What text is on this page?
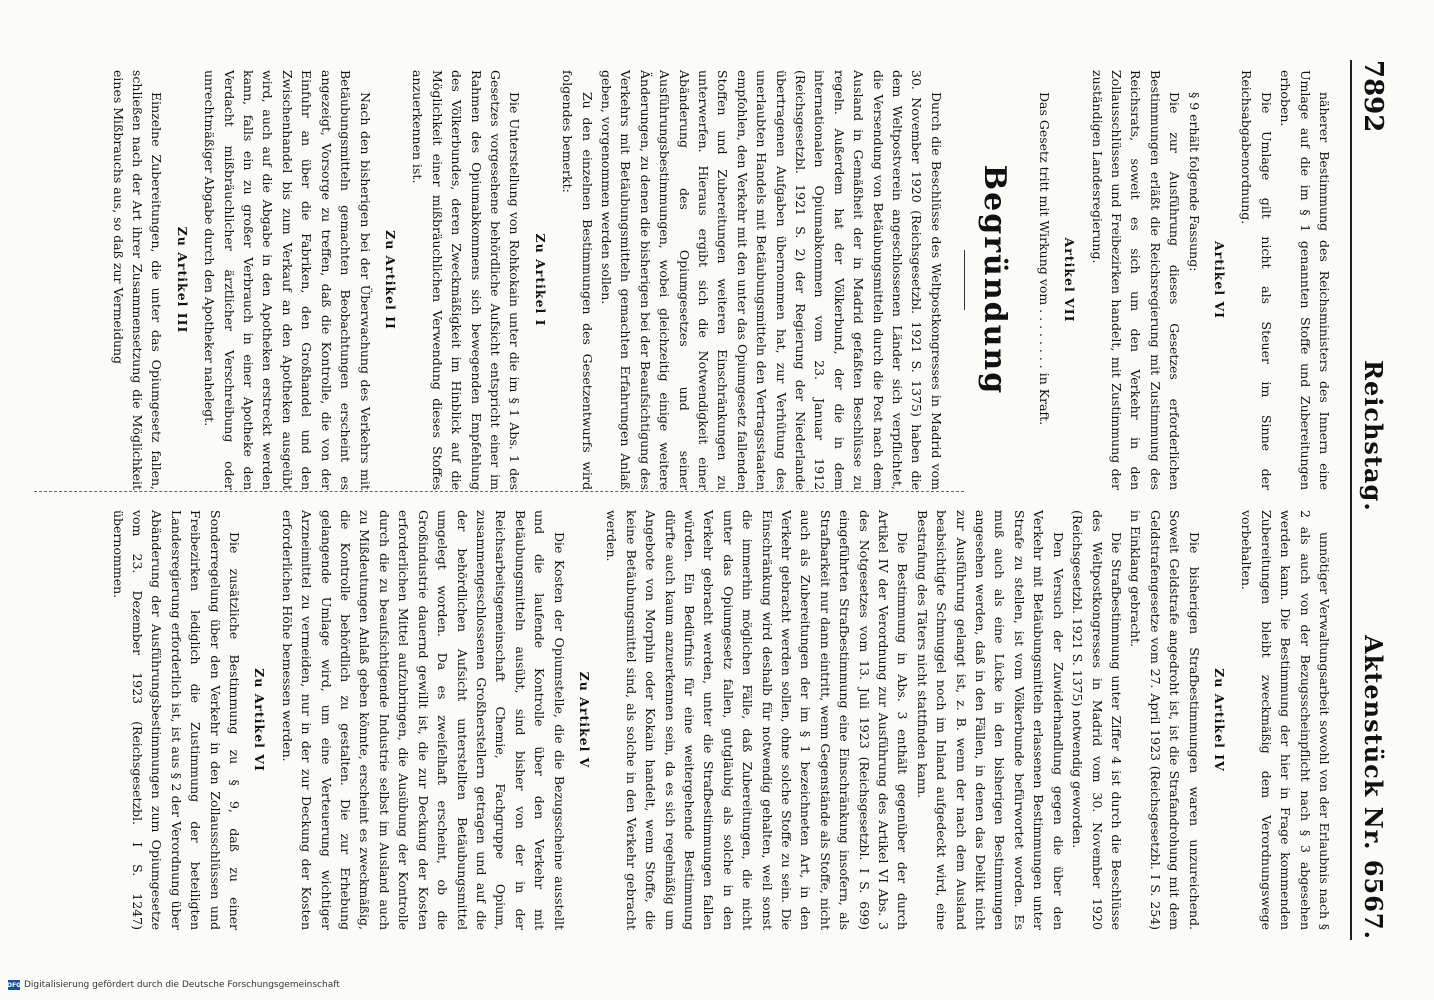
7892
Reichstag.
Aktenstück Nr. 6567.

näherer Bestimmung des Reichsministers des Innern eine Umlage auf die im § 1 genannten Stoffe und Zubereitungen erhoben.

Die Umlage gilt nicht als Steuer im Sinne der Reichsabgabenordnung.

Artikel VI

§ 9 erhält folgende Fassung:

Die zur Ausführung dieses Gesetzes erforderlichen Bestimmungen erläßt die Reichsregierung mit Zustimmung des Reichsrats, soweit es sich um den Verkehr in den Zollausschlüssen und Freibezirken handelt, mit Zustimmung der zuständigen Landesregierung.

Artikel VII

Das Gesetz tritt mit Wirkung vom . . . . . . . . in Kraft.

Begründung

Durch die Beschlüsse des Weltpostkongresses in Madrid vom 30. November 1920 (Reichsgesetzbl. 1921 S. 1375) haben die dem Weltpostverein angeschlossenen Länder sich verpflichtet, die Versendung von Betäubungsmitteln durch die Post nach dem Ausland in Gemäßheit der in Madrid gefaßten Beschlüsse zu regeln. Außerdem hat der Völkerbund, der die in dem internationalen Opiumabkommen vom 23. Januar 1912 (Reichsgesetzbl. 1921 S. 2) der Regierung der Niederlande übertragenen Aufgaben übernommen hat, zur Verhütung des unerlaubten Handels mit Betäubungsmitteln den Vertragsstaaten empfohlen, den Verkehr mit den unter das Opiumgesetz fallenden Stoffen und Zubereitungen weiteren Einschränkungen zu unterwerfen. Hieraus ergibt sich die Notwendigkeit einer Abänderung des Opiumgesetzes und seiner Ausführungsbestimmungen, wobei gleichzeitig einige weitere Änderungen, zu denen die bisherigen bei der Beaufsichtigung des Verkehrs mit Betäubungsmitteln gemachten Erfahrungen Anlaß geben, vorgenommen werden sollen.

Zu den einzelnen Bestimmungen des Gesetzentwurfs wird folgendes bemerkt:

Zu Artikel I

Die Unterstellung von Rohkokain unter die im § 1 Abs. 1 des Gesetzes vorgesehene behördliche Aufsicht entspricht einer im Rahmen des Opiumabkommens sich bewegenden Empfehlung des Völkerbundes, deren Zweckmäßigkeit im Hinblick auf die Möglichkeit einer mißbräuchlichen Verwendung dieses Stoffes anzuerkennen ist.

Zu Artikel II

Nach den bisherigen bei der Überwachung des Verkehrs mit Betäubungsmitteln gemachten Beobachtungen erscheint es angezeigt, Vorsorge zu treffen, daß die Kontrolle, die von der Einfuhr an über die Fabriken, den Großhandel und den Zwischenhandel bis zum Verkauf an den Apotheken ausgeübt wird, auch auf die Abgabe in den Apotheken erstreckt werden kann, falls ein zu großer Verbrauch in einer Apotheke den Verdacht mißbräuchlicher ärztlicher Verschreibung oder unrechtmäßiger Abgabe durch den Apotheker nahelegt.

Zu Artikel III

Einzelne Zubereitungen, die unter das Opiumgesetz fallen, schließen nach der Art ihrer Zusammensetzung die Möglichkeit eines Mißbrauchs aus, so daß zur Vermeidung

unnötiger Verwaltungsarbeit sowohl von der Erlaubnis nach § 2 als auch von der Bezugsscheinpflicht nach § 3 abgesehen werden kann. Die Bestimmung der hier in Frage kommenden Zubereitungen bleibt zweckmäßig dem Verordnungswege vorbehalten.

Zu Artikel IV

Die bisherigen Strafbestimmungen waren unzureichend. Soweit Geldstrafe angedroht ist, ist die Strafandrohung mit dem Geldstrafengesetze vom 27. April 1923 (Reichsgesetzbl. I S. 254) in Einklang gebracht.

Die Strafbestimmung unter Ziffer 4 ist durch die Beschlüsse des Weltpostkongresses in Madrid vom 30. November 1920 (Reichsgesetzbl. 1921 S. 1375) notwendig geworden.

Den Versuch der Zuwiderhandlung gegen die über den Verkehr mit Betäubungsmitteln erlassenen Bestimmungen unter Strafe zu stellen, ist vom Völkerbunde befürwortet worden. Es muß auch als eine Lücke in den bisherigen Bestimmungen angesehen werden, daß in den Fällen, in denen das Delikt nicht zur Ausführung gelangt ist, z. B. wenn der nach dem Ausland beabsichtigte Schmuggel noch im Inland aufgedeckt wird, eine Bestrafung des Täters nicht stattfinden kann.

Die Bestimmung in Abs. 3 enthält gegenüber der durch Artikel IV der Verordnung zur Ausführung des Artikel VI Abs. 3 des Notgesetzes vom 13. Juli 1923 (Reichsgesetzbl. I S. 699) eingeführten Strafbestimmung eine Einschränkung insofern, als Strafbarkeit nur dann eintritt, wenn Gegenstände als Stoffe, nicht auch als Zubereitungen der im § 1 bezeichneten Art, in den Verkehr gebracht werden sollen, ohne solche Stoffe zu sein. Die Einschränkung wird deshalb für notwendig gehalten, weil sonst die immerhin möglichen Fälle, daß Zubereitungen, die nicht unter das Opiumgesetz fallen, gutgläubig als solche in den Verkehr gebracht werden, unter die Strafbestimmungen fallen würden. Ein Bedürfnis für eine weitergehende Bestimmung dürfte auch kaum anzuerkennen sein, da es sich regelmäßig um Angebote von Morphin oder Kokain handelt, wenn Stoffe, die keine Betäubungsmittel sind, als solche in den Verkehr gebracht werden.

Zu Artikel V

Die Kosten der Opiumstelle, die die Bezugsscheine ausstellt und die laufende Kontrolle über den Verkehr mit Betäubungsmitteln ausübt, sind bisher von der in der Reichsarbeitsgemeinschaft Chemie, Fachgruppe Opium, zusammengeschlossenen Großherstellern getragen und auf die der behördlichen Aufsicht unterstellten Betäubungsmittel umgelegt worden. Da es zweifelhaft erscheint, ob die Großindustrie dauernd gewillt ist, die zur Deckung der Kosten erforderlichen Mittel aufzubringen, die Ausübung der Kontrolle durch die zu beaufsichtigende Industrie selbst im Ausland auch zu Mißdeutungen Anlaß geben könnte, erscheint es zweckmäßig, die Kontrolle behördlich zu gestalten. Die zur Erhebung gelangende Umlage wird, um eine Verteuerung wichtiger Arzneimittel zu vermeiden, nur in der zur Deckung der Kosten erforderlichen Höhe bemessen werden.

Zu Artikel VI

Die zusätzliche Bestimmung zu § 9, daß zu einer Sonderregelung über den Verkehr in den Zollausschlüssen und Freibezirken lediglich die Zustimmung der beteiligten Landesregierung erforderlich ist, ist aus § 2 der Verordnung über Abänderung der Ausführungsbestimmungen zum Opiumgesetze vom 23. Dezember 1923 (Reichsgesetzbl. I S. 1247) übernommen.

DFG Digitalisierung gefördert durch die Deutsche Forschungsgemeinschaft
